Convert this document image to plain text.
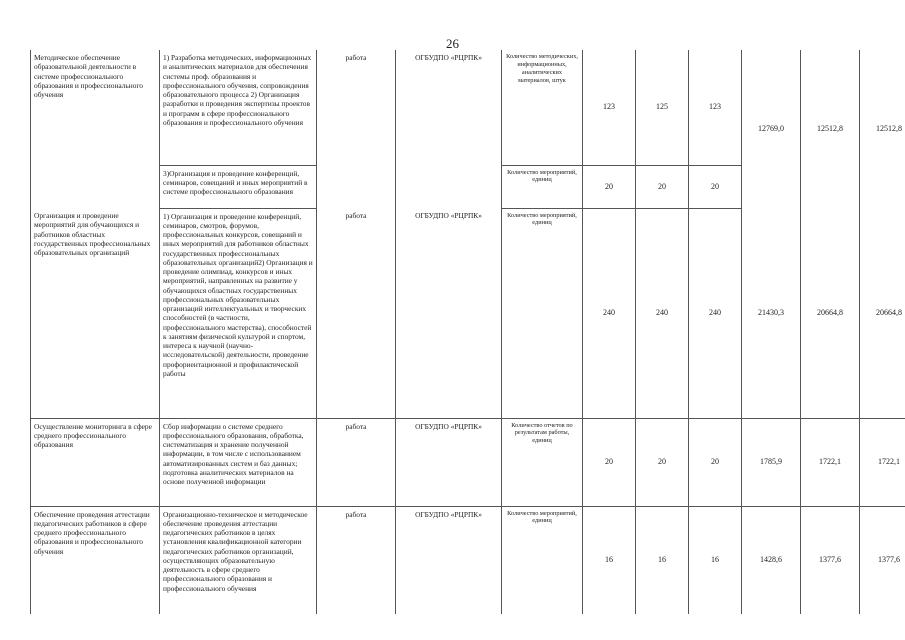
26
Методическое обеспечение образовательной деятельности в системе профессионального образования и профессионального обучения	1) Разработка методических, информационных и аналитических материалов для обеспечения системы проф. образования и профессионального обучения, сопровождения образовательного процесса 2) Организация разработки и проведения экспертизы проектов и программ в сфере профессионального образования и профессионального обучения	работа	ОГБУДПО «РЦРПК»	Количество методических, информационных, аналитических материалов, штук	123	125	123	12769,0	12512,8	12512,8
	3)Организация и проведение конференций, семинаров, совещаний и иных мероприятий в системе профессионального образования			Количество мероприятий, единиц	20	20	20			
Организация и проведение мероприятий для обучающихся и работников областных государственных профессиональных образовательных организаций	1) Организация и проведение конференций, семинаров, смотров, форумов, профессиональных конкурсов, совещаний и иных мероприятий для работников областных государственных профессиональных образовательных организаций2) Организация и проведение олимпиад, конкурсов и иных мероприятий, направленных на развитие у обучающихся областных государственных профессиональных образовательных организаций интеллектуальных и творческих способностей (в частности, профессионального мастерства), способностей к занятиям физической культурой и спортом, интереса к научной (научно-исследовательской) деятельности, проведение профориентационной и профилактической работы	работа	ОГБУДПО «РЦРПК»	Количество мероприятий, единиц	240	240	240	21430,3	20664,8	20664,8
Осуществление мониторинга в сфере среднего профессионального образования	Сбор информации о системе среднего профессионального образования, обработка, систематизация и хранение полученной информации, в том числе с использованием автоматизированных систем и баз данных; подготовка аналитических материалов на основе полученной информации	работа	ОГБУДПО «РЦРПК»	Количество отчетов по результатам работы, единиц	20	20	20	1785,9	1722,1	1722,1
Обеспечение проведения аттестации педагогических работников в сфере среднего профессионального образования и профессионального обучения	Организационно-техническое и методическое обеспечение проведения аттестации педагогических работников в целях установления квалификационной категории педагогических работников организаций, осуществляющих образовательную деятельность в сфере среднего профессионального образования и профессионального обучения	работа	ОГБУДПО «РЦРПК»	Количество мероприятий, единиц	16	16	16	1428,6	1377,6	1377,6
